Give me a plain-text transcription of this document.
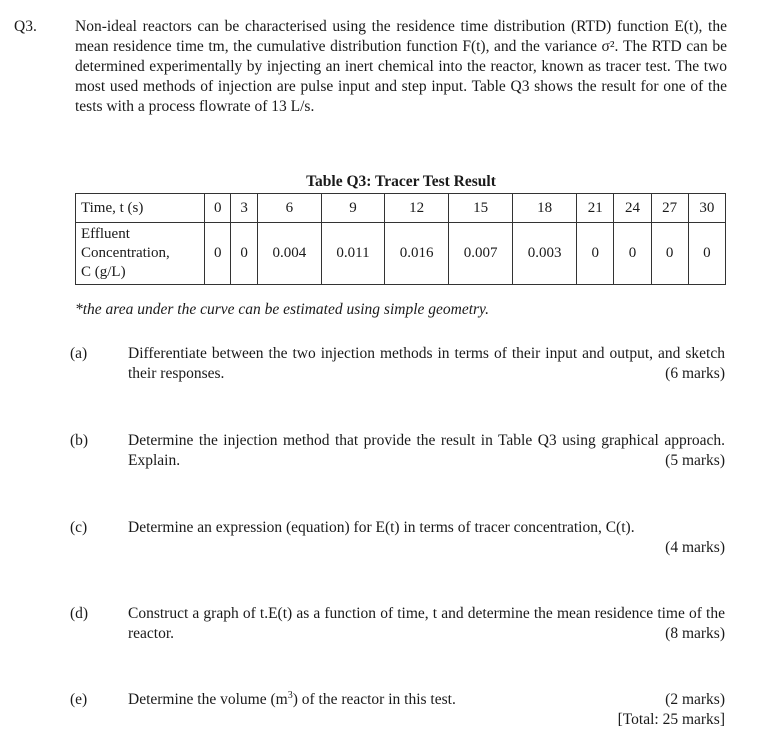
Q3. Non-ideal reactors can be characterised using the residence time distribution (RTD) function E(t), the mean residence time tm, the cumulative distribution function F(t), and the variance σ². The RTD can be determined experimentally by injecting an inert chemical into the reactor, known as tracer test. The two most used methods of injection are pulse input and step input. Table Q3 shows the result for one of the tests with a process flowrate of 13 L/s.

Table Q3: Tracer Test Result
Time, t (s)	0	3	6	9	12	15	18	21	24	27	30

Effluent
Concentration,
C (g/L)	0	0	0.004	0.011	0.016	0.007	0.003	0	0	0	0
*the area under the curve can be estimated using simple geometry.
(a)	Differentiate between the two injection methods in terms of their input and output, and sketch their responses.	(6 marks)
(b)	Determine the injection method that provide the result in Table Q3 using graphical approach. Explain.	(5 marks)
(c)	Determine an expression (equation) for E(t) in terms of tracer concentration, C(t).

(4 marks)
(d)	Construct a graph of t.E(t) as a function of time, t and determine the mean residence time of the reactor.	(8 marks)
(e)	Determine the volume $(m^3)$ of the reactor in this test.	(2 marks)
[Total: 25 marks]
